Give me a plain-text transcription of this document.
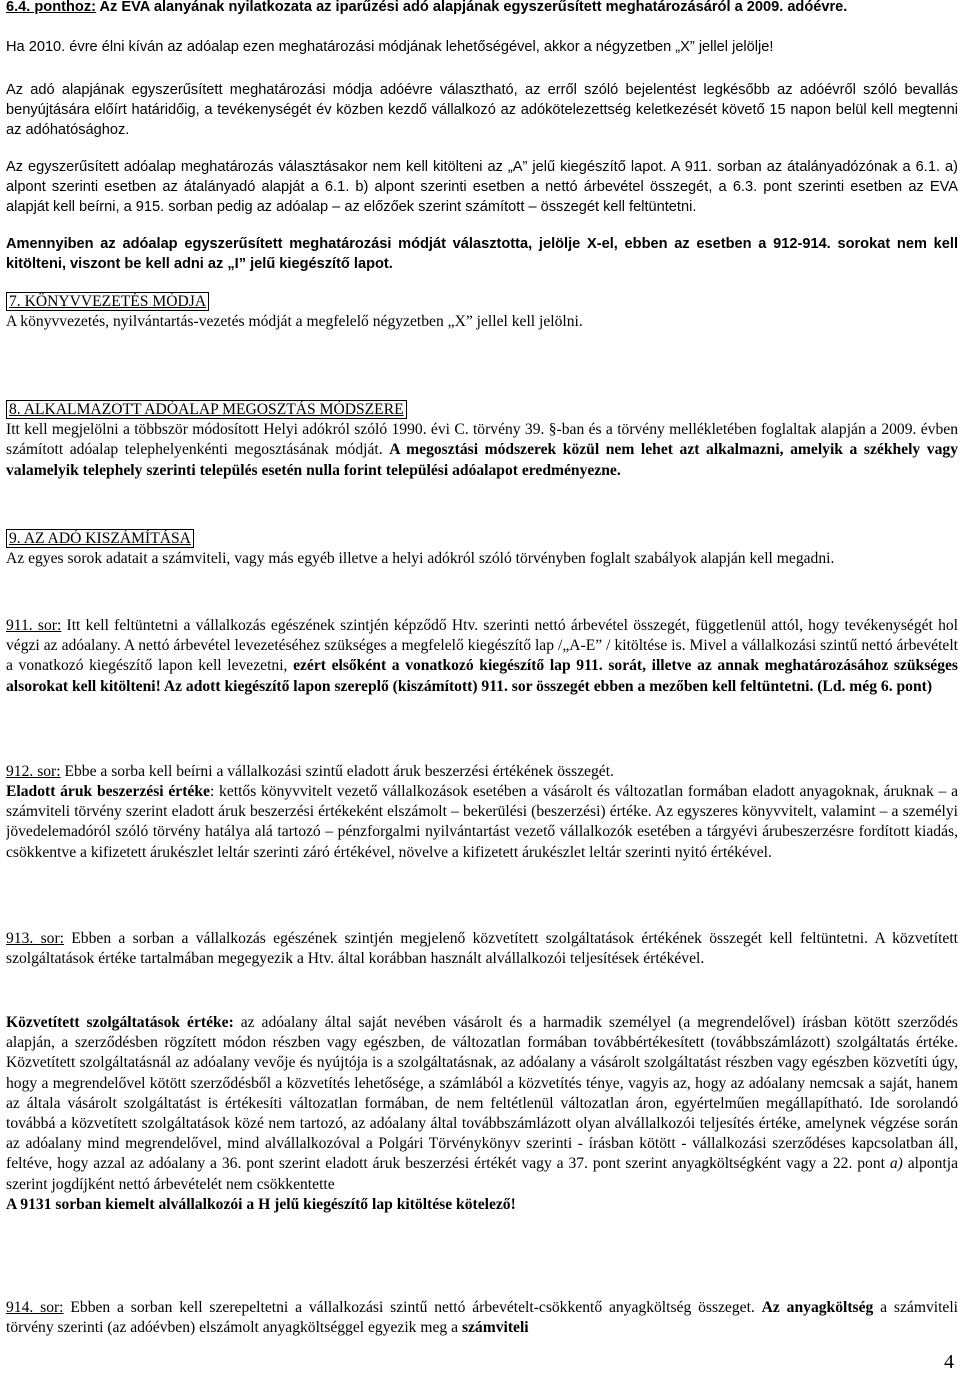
6.4. ponthoz: Az EVA alanyának nyilatkozata az iparűzési adó alapjának egyszerűsített meghatározásáról a 2009. adóévre.
Ha 2010. évre élni kíván az adóalap ezen meghatározási módjának lehetőségével, akkor a négyzetben „X” jellel jelölje!
Az adó alapjának egyszerűsített meghatározási módja adóévre választható, az erről szóló bejelentést legkésőbb az adóévről szóló bevallás benyújtására előírt határidőig, a tevékenységét év közben kezdő vállalkozó az adókötelezettség keletkezését követő 15 napon belül kell megtenni az adóhatósághoz.
Az egyszerűsített adóalap meghatározás választásakor nem kell kitölteni az „A” jelű kiegészítő lapot. A 911. sorban az átalányadózónak a 6.1. a) alpont szerinti esetben az átalányadó alapját a 6.1. b) alpont szerinti esetben a nettó árbevétel összegét, a 6.3. pont szerinti esetben az EVA alapját kell beírni, a 915. sorban pedig az adóalap – az előzőek szerint számított – összegét kell feltüntetni.
Amennyiben az adóalap egyszerűsített meghatározási módját választotta, jelölje X-el, ebben az esetben a 912-914. sorokat nem kell kitölteni, viszont be kell adni az „I” jelű kiegészítő lapot.
7. KÖNYVVEZETÉS MÓDJA
A könyvvezetés, nyilvántartás-vezetés módját a megfelelő négyzetben „X” jellel kell jelölni.
8. ALKALMAZOTT ADÓALAP MEGOSZTÁS MÓDSZERE
Itt kell megjelölni a többször módosított Helyi adókról szóló 1990. évi C. törvény 39. §-ban és a törvény mellékletében foglaltak alapján a 2009. évben számított adóalap telephelyenkénti megosztásának módját. A megosztási módszerek közül nem lehet azt alkalmazni, amelyik a székhely vagy valamelyik telephely szerinti település esetén nulla forint települési adóalapot eredményezne.
9. AZ ADÓ KISZÁMÍTÁSA
Az egyes sorok adatait a számviteli, vagy más egyéb illetve a helyi adókról szóló törvényben foglalt szabályok alapján kell megadni.
911. sor: Itt kell feltüntetni a vállalkozás egészének szintjén képződő Htv. szerinti nettó árbevétel összegét, függetlenül attól, hogy tevékenységét hol végzi az adóalany. A nettó árbevétel levezetéséhez szükséges a megfelelő kiegészítő lap /„A-E” / kitöltése is. Mivel a vállalkozási szintű nettó árbevételt a vonatkozó kiegészítő lapon kell levezetni, ezért elsőként a vonatkozó kiegészítő lap 911. sorát, illetve az annak meghatározásához szükséges alsorokat kell kitölteni! Az adott kiegészítő lapon szereplő (kiszámított) 911. sor összegét ebben a mezőben kell feltüntetni. (Ld. még 6. pont)
912. sor: Ebbe a sorba kell beírni a vállalkozási szintű eladott áruk beszerzési értékének összegét.
Eladott áruk beszerzési értéke: kettős könyvvitelt vezető vállalkozások esetében a vásárolt és változatlan formában eladott anyagoknak, áruknak – a számviteli törvény szerint eladott áruk beszerzési értékeként elszámolt – bekerülési (beszerzési) értéke. Az egyszeres könyvvitelt, valamint – a személyi jövedelemadóról szóló törvény hatálya alá tartozó – pénzforgalmi nyilvántartást vezető vállalkozók esetében a tárgyévi árubeszerzésre fordított kiadás, csökkentve a kifizetett árukészlet leltár szerinti záró értékével, növelve a kifizetett árukészlet leltár szerinti nyitó értékével.
913. sor: Ebben a sorban a vállalkozás egészének szintjén megjelenő közvetített szolgáltatások értékének összegét kell feltüntetni. A közvetített szolgáltatások értéke tartalmában megegyezik a Htv. által korábban használt alvállalkozói teljesítések értékével.
Közvetített szolgáltatások értéke: az adóalany által saját nevében vásárolt és a harmadik személyel (a megrendelővel) írásban kötött szerződés alapján, a szerződésben rögzített módon részben vagy egészben, de változatlan formában továbbértékesített (továbbszámlázott) szolgáltatás értéke. Közvetített szolgáltatásnál az adóalany vevője és nyújtója is a szolgáltatásnak, az adóalany a vásárolt szolgáltatást részben vagy egészben közvetíti úgy, hogy a megrendelővel kötött szerződésből a közvetítés lehetősége, a számlából a közvetítés ténye, vagyis az, hogy az adóalany nemcsak a saját, hanem az általa vásárolt szolgáltatást is értékesíti változatlan formában, de nem feltétlenül változatlan áron, egyértelműen megállapítható. Ide sorolandó továbbá a közvetített szolgáltatások közé nem tartozó, az adóalany által továbbszámlázott olyan alvállalkozói teljesítés értéke, amelynek végzése során az adóalany mind megrendelővel, mind alvállalkozóval a Polgári Törvénykönyv szerinti - írásban kötött - vállalkozási szerződéses kapcsolatban áll, feltéve, hogy azzal az adóalany a 36. pont szerint eladott áruk beszerzési értékét vagy a 37. pont szerint anyagköltségként vagy a 22. pont a) alpontja szerint jogdíjként nettó árbevételét nem csökkentette
A 9131 sorban kiemelt alvállalkozói a H jelű kiegészítő lap kitöltése kötelező!
914. sor: Ebben a sorban kell szerepeltetni a vállalkozási szintű nettó árbevételt-csökkentő anyagköltség összeget. Az anyagköltség a számviteli törvény szerinti (az adóévben) elszámolt anyagköltséggel egyezik meg a számviteli
4
